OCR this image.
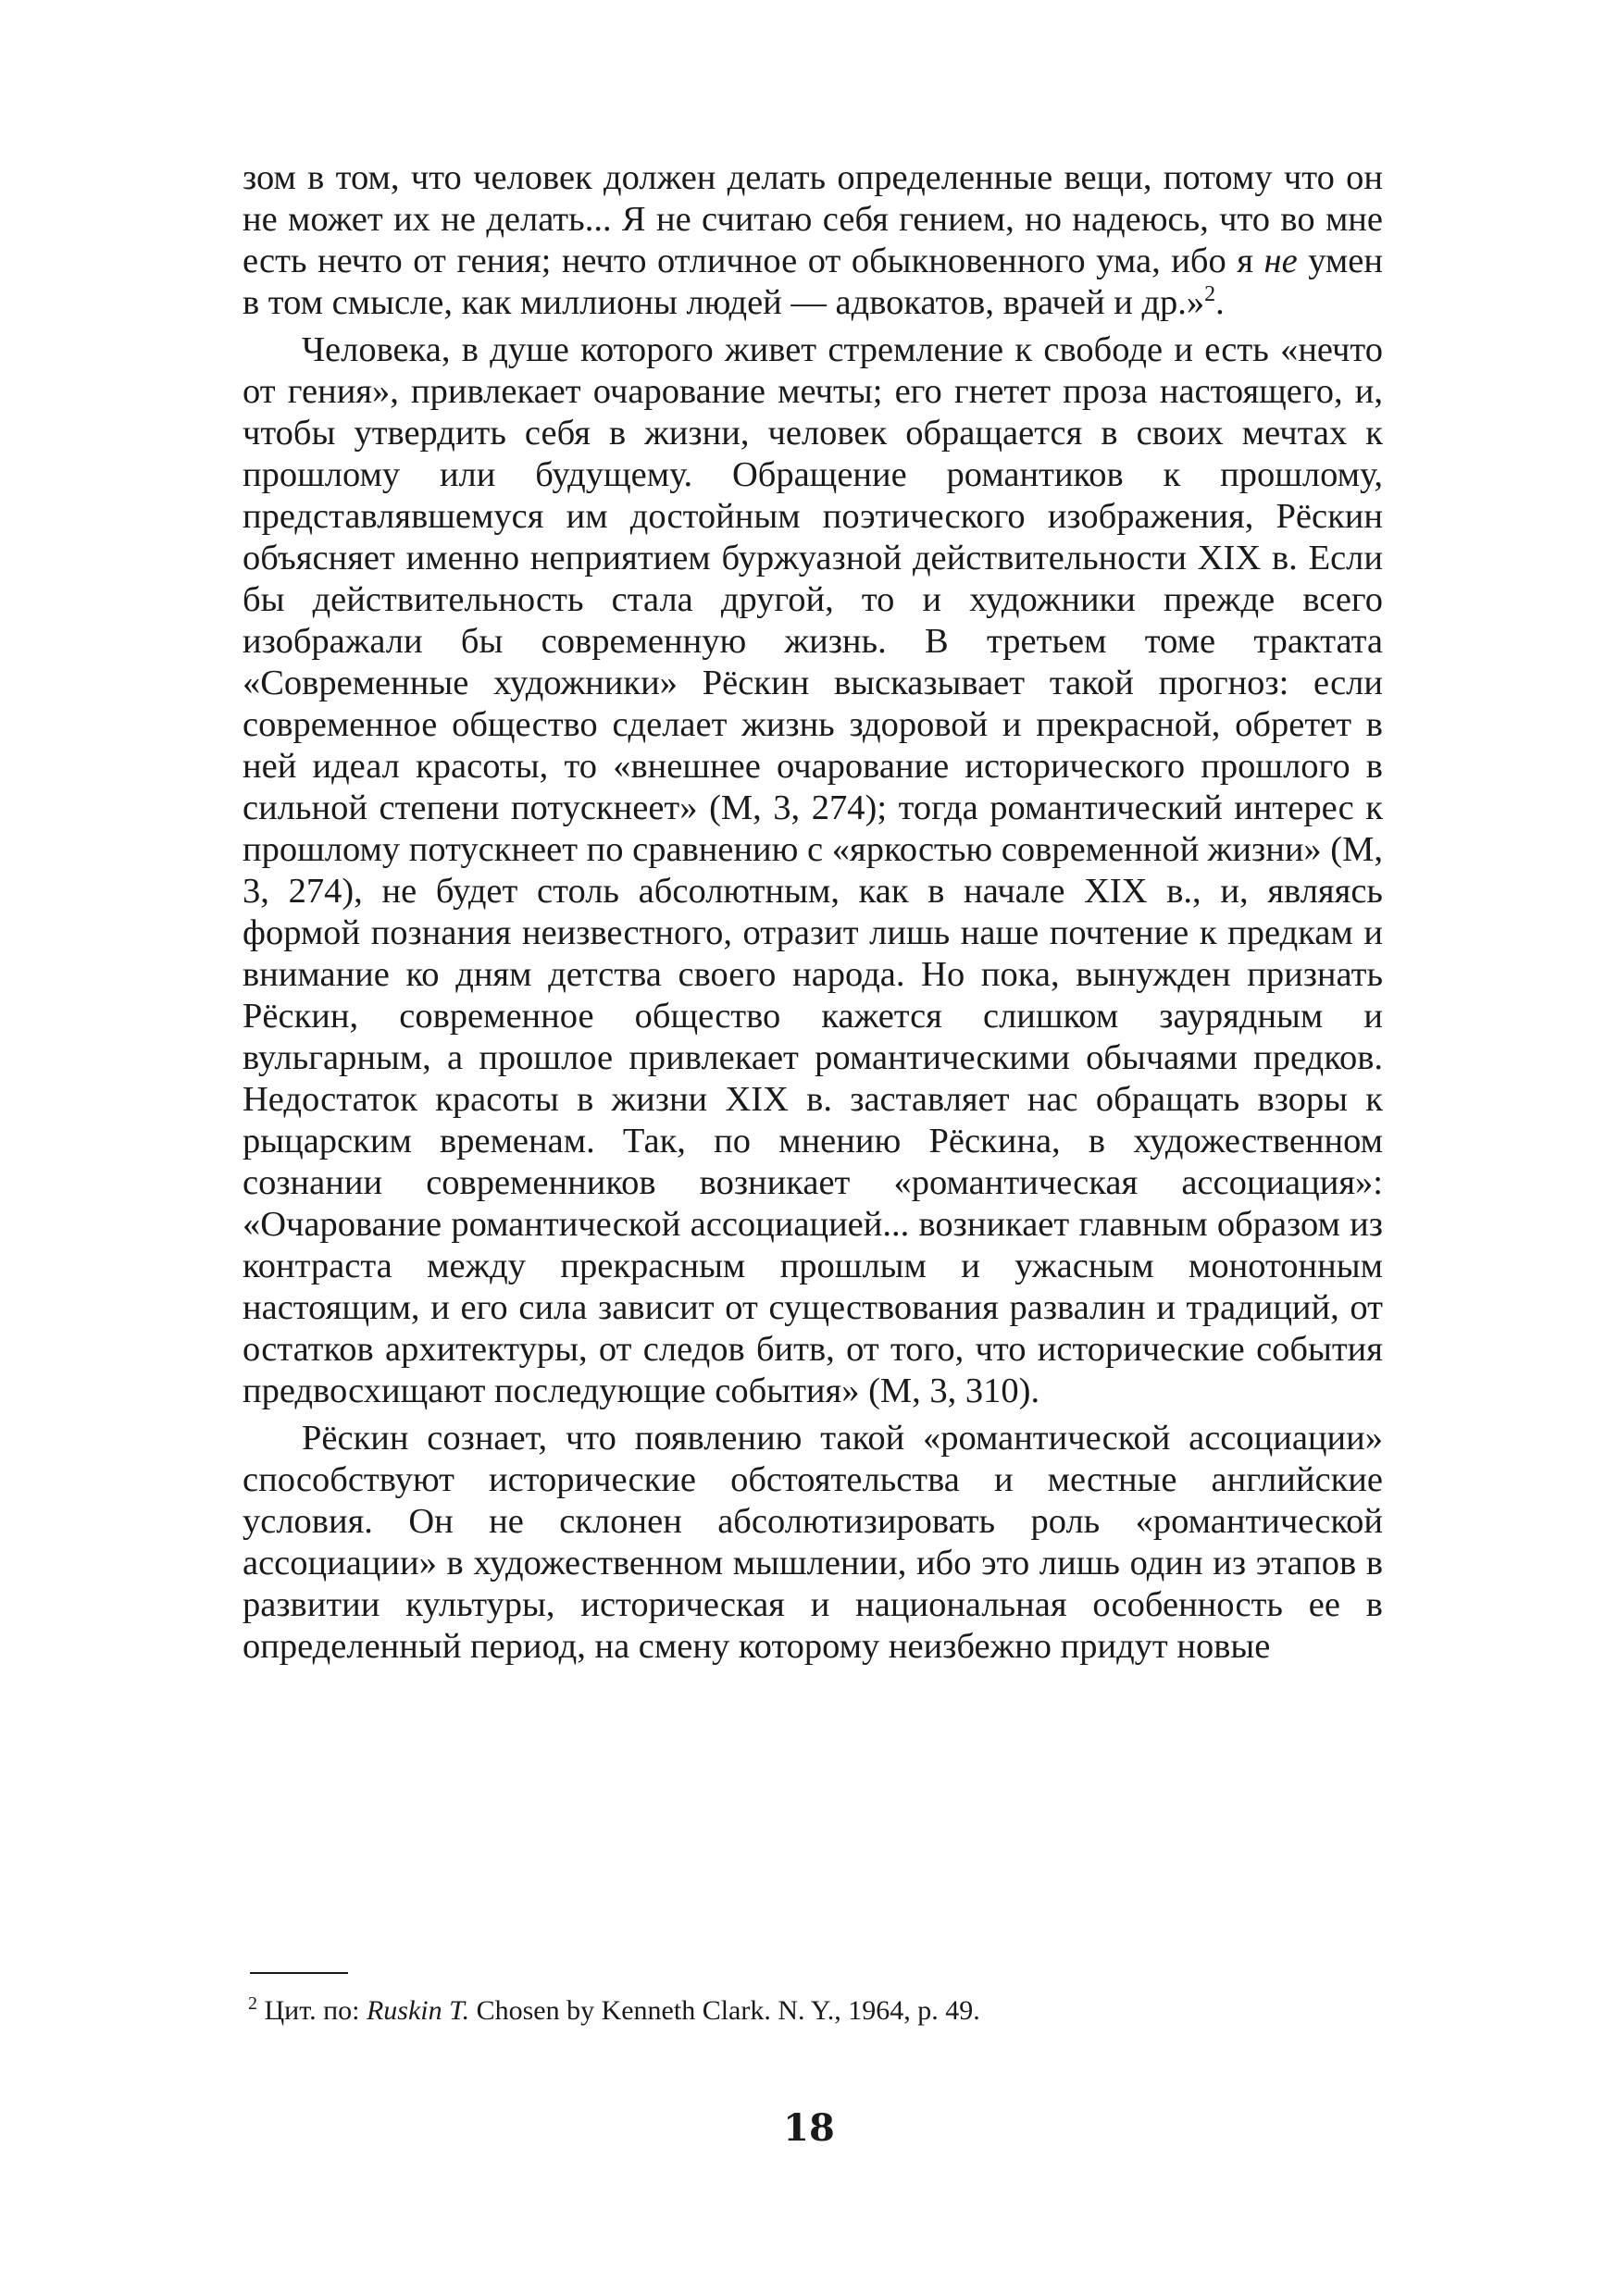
зом в том, что человек должен делать определенные вещи, потому что он не может их не делать... Я не считаю себя гением, но надеюсь, что во мне есть нечто от гения; нечто отличное от обыкновенного ума, ибо я не умен в том смысле, как миллионы людей — адвокатов, врачей и др.»$^2$.

Человека, в душе которого живет стремление к свободе и есть «нечто от гения», привлекает очарование мечты; его гнетет проза настоящего, и, чтобы утвердить себя в жизни, человек обращается в своих мечтах к прошлому или будущему. Обращение романтиков к прошлому, представлявшемуся им достойным поэтического изображения, Рёскин объясняет именно неприятием буржуазной действительности XIX в. Если бы действительность стала другой, то и художники прежде всего изображали бы современную жизнь. В третьем томе трактата «Современные художники» Рёскин высказывает такой прогноз: если современное общество сделает жизнь здоровой и прекрасной, обретет в ней идеал красоты, то «внешнее очарование исторического прошлого в сильной степени потускнеет» (М, 3, 274); тогда романтический интерес к прошлому потускнеет по сравнению с «яркостью современной жизни» (М, 3, 274), не будет столь абсолютным, как в начале XIX в., и, являясь формой познания неизвестного, отразит лишь наше почтение к предкам и внимание ко дням детства своего народа. Но пока, вынужден признать Рёскин, современное общество кажется слишком заурядным и вульгарным, а прошлое привлекает романтическими обычаями предков. Недостаток красоты в жизни XIX в. заставляет нас обращать взоры к рыцарским временам. Так, по мнению Рёскина, в художественном сознании современников возникает «романтическая ассоциация»: «Очарование романтической ассоциацией... возникает главным образом из контраста между прекрасным прошлым и ужасным монотонным настоящим, и его сила зависит от существования развалин и традиций, от остатков архитектуры, от следов битв, от того, что исторические события предвосхищают последующие события» (М, 3, 310).

Рёскин сознает, что появлению такой «романтической ассоциации» способствуют исторические обстоятельства и местные английские условия. Он не склонен абсолютизировать роль «романтической ассоциации» в художественном мышлении, ибо это лишь один из этапов в развитии культуры, историческая и национальная особенность ее в определенный период, на смену которому неизбежно придут новые

$^2$ Цит. по: Ruskin T. Chosen by Kenneth Clark. N. Y., 1964, p. 49.
18
